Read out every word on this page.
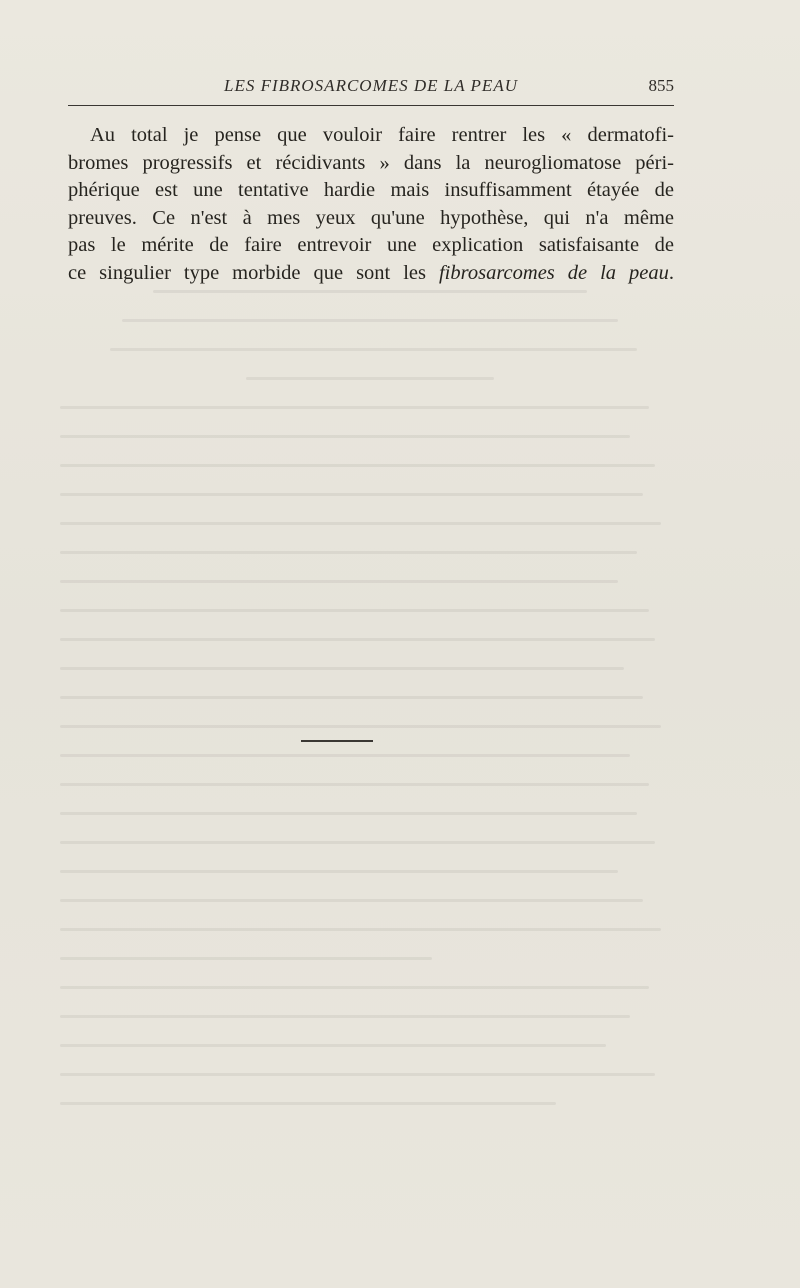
LES FIBROSARCOMES DE LA PEAU	855
Au total je pense que vouloir faire rentrer les « dermatofi-
bromes progressifs et récidivants » dans la neurogliomatose péri-
phérique est une tentative hardie mais insuffisamment étayée de
preuves. Ce n'est à mes yeux qu'une hypothèse, qui n'a même
pas le mérite de faire entrevoir une explication satisfaisante de
ce singulier type morbide que sont les fibrosarcomes de la peau.
